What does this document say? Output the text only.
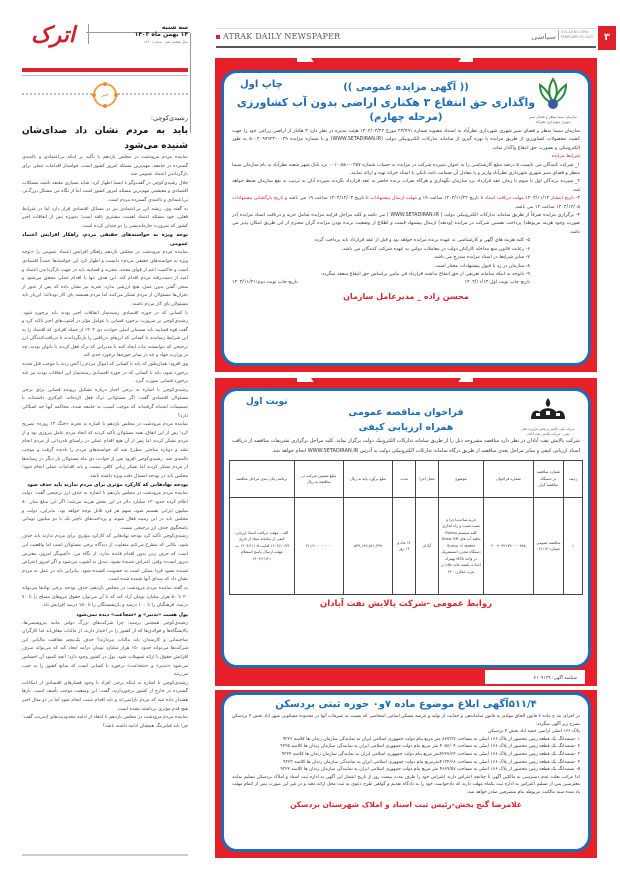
اترک	سه شنبه
۱۴ بهمن ماه ۱۴۰۳
سال هشتم دهم - شماره ۱۸۹۰
خبر
رشیدی‌کوچی:
باید به مردم نشان داد صدای‌شان شنیده می‌شود

نماینده مردم مرودشت در مجلس یازدهم با تأکید بر اینکه بی‌اعتمادی و ناامیدی گسترده در جامعه، مهم‌ترین مسئله امروز کشور است، خواستار اقدامات عملی برای بازگرداندن اعتماد عمومی شد.

جلال رشیدی‌کوچی در گفت‌وگو با ایسنا اظهار کرد: شاید بسیاری معتقد باشند مشکلات اقتصادی و معیشتی مهم‌ترین مسئله امروز کشور است اما از نگاه من مشکل بزرگ‌تر، بی‌اعتمادی و ناامیدی گسترده مردم است.

به گفته وی، ریشه این بی‌اعتمادی نیز در مسائل اقتصادی قرار دارد اما در شرایط فعلی، خود مسئله اعتماد اهمیت بیشتری یافته است؛ به‌ویژه پس از اتفاقات اخیر کشور که ضرورت چاره‌اندیشی را دو چندان کرده است.

توجه ویژه به خواسته‌های حقیقی مردم، راهکار افزایش اعتماد عمومی

نماینده مردم مرودشت در مجلس یازدهم راهکار افزایش اعتماد عمومی را «توجه ویژه به خواسته‌های حقیقی مردم» دانست و اظهار کرد این خواسته‌ها عمدتاً اقتصادی است و حاکمیت اعم از قوای مقننه، مجریه و قضاییه باید در جهت بازگرداندن اعتماد و امید از دست‌رفته مردم اقدام کند. این هدف تنها با اقدام عملی محقق می‌شود و سخن گفتن بدون عمل، هیچ ارزشی ندارد. تجربه نیز نشان داده که پس از عبور از بحران‌ها مسئولان از مردم تشکر می‌کنند اما مردم همیشه پای کار بوده‌اند؛ این‌بار باید مسئولان پای کار مردم باشند.

با کسانی که در حوزه اقتصادی زمینه‌ساز اتفاقات اخیر بودند باید برخورد شود. رشیدی‌کوچی بر ضرورت برخورد قضایی با عوامل مؤثر در آشوب‌های اخیر تاکید کرد و گفت قوه قضاییه باید مسببان اصلی حوادث دی ۱۴۰۴ از جمله افرادی که اقتصاد را به این شرایط رساندند یا کسانی که ارزهای دریافتی را بازنگرداندند یا دریافت‌کنندگان ارز ترجیحی که نتوانستند ثبات ایجاد کنند یا مدیرانی که ترک فعل کردند یا ناتوان بودند، چه در وزارت جهاد و چه در سایر حوزه‌ها برخورد جدی کند.

وی افزود: همان‌طور که باید با کسانی که اموال مردم را آتش زدند یا موجب قتل شدند برخورد شود، باید با کسانی که در حوزه اقتصادی زمینه‌ساز این اتفاقات بودند نیز باید برخورد قضایی صورت گیرد.

رشیدی‌کوچی با اشاره به برخی اخبار درباره تشکیل پرونده قضایی برای برخی مسئولان اقتصادی گفت: اگر مسئولانی ترک فعل کرده‌اند، کم‌کاری داشته‌اند یا تصمیمات اشتباه گرفته‌اند که موجب آسیب به جامعه شده، محاکمه آنها چه اشکالی دارد؟

نماینده مردم مرودشت در مجلس یازدهم با اشاره به تجربه «جنگ ۱۲ روزه» تصریح کرد: پس از این اتفاق، همه مسئولان تأکید کردند که اتحاد مردم عامل پیروزی بود و از مردم تشکر کردند اما پس از آن هیچ اقدام عملی در راستای قدردانی از مردم انجام نشد و دوباره مباحثی مطرح شد که خواسته‌های مردم را نادیده گرفت و موجب ناامیدی شد. رشیدی‌کوچی افزود پس از حوادث دی ماه مسئولان بار دیگر در رسانه‌ها از مردم تشکر کردند اما تشکر زبانی کافی نیست و باید اقدامات عملی انجام شود؛ مجلس باید در بودجه امسال دقت ویژه داشته باشد.

بودجه نهادهایی که کارکرد مؤثری برای مردم ندارند باید حذف شود

نماینده مردم مرودشت در مجلس یازدهم با اشاره به حذف ارز ترجیحی گفت: دولت اعلام کرده حدود ۱۲ میلیارد دلار در این بخش هزینه می‌شد؛ اگر این مبلغ میان ۸۰ میلیون ایرانی تقسیم شود، سهم هر فرد قابل توجه خواهد بود. بنابراین، دولت و مجلس باید در این زمینه فعال شوند و پرداخت‌های ناچیز یک یا دو میلیون تومانی پاسخگوی حذف ارز ترجیحی نیست.

رشیدی‌کوچی تأکید کرد بودجه نهادهایی که کارکرد مؤثری برای مردم ندارند باید حذف شود. نکاتی که مطرح می‌کنم متفاوت از دیدگاه برخی مسئولان است اما واقعیت این است که حرف زدن بدون اقدام فایده ندارد. از نگاه من، «آشوبگر امروز، معترض دیروز است» وقتی اعتراض شنیده نشود، تبدیل به آشوب می‌شود و اگر امروز اعتراض شنیده نشود فردا ممکن است به خشونت کشیده شود. بنابراین باید در عمل به مردم نشان داد که صدای آنها شنیده شده است.

به گفته نماینده مردم مرودشت در مجلس یازدهم، حذف بودجه برخی نهادها می‌تواند ۴۰ تا ۵۰ هزار میلیارد تومان آزاد کند که با آن می‌توان حقوق نیروهای مسلح را تا ۷۰ درصد، فرهنگیان را تا ۱۰۰ درصد و بازنشستگان را تا ۱۵۰ درصد افزایش داد.

پول هست «تدبیر» و «شجاعت» دیده نمی‌شود

رشیدی‌کوچی همچنین پرسید: چرا شرکت‌های بزرگ دولتی مانند پتروشیمی‌ها، پالایشگاه‌ها و فولادی‌ها که از کشور را در اختیار دارند، از مالیات معاف‌اند اما کارگران ساختمانی و کارمندان باید مالیات بپردازند؟ حذف یک‌پنجم معافیت مالیاتی این شرکت‌ها می‌تواند حدود ۱۵۰ هزار میلیارد تومان درآمد ایجاد کند که می‌تواند صرف افزایش حقوق یا ارائه تسهیلات شود. پول در کشور وجود دارد؛ آنچه کمبود آن احساس می‌شود «تدبیر» و «شجاعت» برخورد با کسانی است که منابع کشور را به جیب می‌زنند.

رشیدی‌کوچی با اشاره به اینکه برخی افراد با وجود فشارهای اقتصادی از امکانات گسترده در خارج از کشور برخوردارند، گفت: این وضعیت موجب تأسف است. بارها هشدار داده شد که مردم ناراضی‌اند و باید اقدام مثبت انجام شود اما در دو سال اخیر هیچ قدم مؤثری برداشته نشده است.

نماینده مردم مرودشت در مجلس یازدهم با انتقاد از ادامه محدودیت‌های اینترنت گفت: چرا باید فیلترینگ همچنان ادامه داشته باشد؟

ATRAK DAILY NEWSPAPER	سیاسی VOL.18,NO.1890
FEBRUARY 03,2025	۳
سازمان سیما منظر و فضای سبز شهری شهرداری نظرآباد
چاپ اول	(( آگهی مزایده عمومی ))
واگذاری حق انتفاع ۳ هکتاری اراضی بدون آب کشاورزی
(مرحله چهارم)
سازمان سیما منظر و فضای سبز شهری شهرداری نظرآباد به استناد مصوبه شماره ۲۳/۷۹۱ مورخ ۱۴۰۴/۰۴/۲۲ هیئت مدیره در نظر دارد ۳ هکتار از اراضی زراعی خود را جهت کشت محصولات کشاورزی از طریق مزایده با بهره گیری از سامانه تدارکات الکترونیکی دولت (WWW.SETADIRAN.IR) و با شماره مزایده ۵۰۰۴۰۹۹۹۲۳۰۰۰۲۹ به طور الکترونیکی و بصورت حق انتفاع واگذار نماید.
شرایط مزایده
۱_ شرکت کنندگان می بایست ۵ درصد مبلغ کارشناسی را به عنوان سپرده شرکت در مزایده به حساب شماره ۰۲۵۷-۵۸۰-۰۰۱۰ نزد بانک شهر شعبه نظرآباد به نام سازمان سیما منظر و فضای سبز شهری شهرداری نظرآباد واریز و یا معادل آن ضمانت نامه بانکی یا اسناد خزانه تهیه و ارائه نمایند.
۲_ سپرده برندگان اول تا سوم تا زمان عقد قرارداد نزد سازمان نگهداری و هرگاه نفرات برنده حاضر به عقد قرارداد نگردند سپرده آنان به ترتیب به نفع سازمان ضبط خواهد شد.
۳- تاریخ انتشار ۱۴۰۴/۱۱/۱۴ مهلت دریافت اسناد تا تاریخ ۱۴۰۴/۱۱/۲۲ ساعت ۱۹ و مهلت ارسال پیشنهادات تا تاریخ ۱۴۰۴/۱۲/۰۴ ساعت ۱۹ می باشد و تاریخ بازگشایی پیشنهادات ۱۴۰۴/۱۲/۰۵ ساعت ۱۴ می باشد.
۴- برگزاری مزایده صرفاً از طریق سامانه تدارکات الکترونیکی دولت ( WWW.SETADIRAN.IR ) می باشد و کلیه مراحل فرایند مزایده شامل خرید و دریافت اسناد مزایده (در صورت وجود هزینه مربوطه) پرداخت تضمین شرکت در مزایده (ودیعه) ارسال پیشنهاد قیمت و اطلاع از وضعیت برنده بودن مزایده گران محترم از این طریق امکان پذیر می باشد.
۵- کلیه هزینه های آگهی و کارشناسی به عهده برنده مزایده خواهد بود و قبل از عقد قرارداد باید پرداخت گردد
۶- رعایت قانون منع مداخله کارکنان دولت در معاملات دولتی به عهده شرکت کنندگان می باشد.
۷- سایر شرایط در اسناد مزایده مندرج می باشد.
۸- سازمان در رد یا قبول پیشنهادات مختار است.
۹- باتوجه به اینکه سامانه تعریفی از حق انتفاع نداشته قرارداد فی مابین براساس حق انتفاع منعقد میگردد.
تاریخ چاپ نوبت اول:۱۴۰۴/۱۱/۱۴
تاریخ چاپ نوبت دوم:۱۴۰۴/۱۱/۲۱
محسن زاده _ مدیرعامل سازمان
شرکت ملی پالایش و پخش فرآورده های نفتی - شرکت پالایش نفت آبادان
نوبت اول
فراخوان مناقصه عمومی
همراه ارزیابی کیفی
شرکت پالایش نفت آبادان در نظر دارد مناقصه مشروحه ذیل را از طریق سامانه تدارکات الکترونیک دولت برگزار نماید. کلیه مراحل برگزاری تشریفات مناقصه از دریافت اسناد ارزیابی کیفی و سایر مراحل بعدی مناقصه از طریق درگاه سامانه تدارکات الکترونیکی دولت به آدرس WWW.SETADIRAN.IR انجام خواهد شد.
ردیف	شماره مناقصه در دستگاه مناقصه گزار	شماره فراخوان	موضوع	محل اجرا	مدت	مبلغ برآورد پایه به ریال	مبلغ تضمین شرکت در مناقصه به ریال	برنامه زمان بندی مراحل مناقصه
۱	مناقصه عمومی شماره ۰۴/۱۱۴	۲۰۰۴۰۹۲۱۷۹۰۰۰۰۷۸۸	خرید،ساخت،اجرا و نصب،تست و راه اندازی کلیه سیستم Piping تخلیه آب های Drow Off Sump ۱۶ water دستگاه مخزن اتمسفریک در واحد NTA بهمراه احداث یکسه خانه خلاء در غرب مخازن ۴۲۰	آبادان	۱۲ ماه و ۱۴ روز	۵۳۹,۱۹۹,۸۶۱,۳۹۹	۲۶,۶۶۰,۰۰۰,۰۰۰	الف - مهلت دریافت اسناد ارزیابی کیفی از سامانه ستاد از تاریخ ۱۴۰۴/۱۰/۲۴ لغایت ۱۴۰۴/۱۱/۰۵ ب- مهلت ارسال پاسخ استعلام ۱۴۰۴/۱۱/۲۱
روابط عمومی -شرکت پالایش نفت آبادان
شناسه آگهی: ۲۱۰۹۱۳۹
۵۱۱/۴آگهی ابلاغ موضوع ماده ۷و۰ حوزه ثبتی بردسکن
در اجرای بند ج ماده ۷ قانون الحاق موادی به قانون ساماندهی و حمایت از تولید و عرضه مسکن اسامی اشخاصی که نسبت به تصرفات آنها در محدوده مسکونی شهر اباد بخش ۴ بردسکن بشرح زیر آگهی میگردد:
پلاک ۱۶۶ اصلی اراضی حمید اباد بخش ۴ بردسکن
۱ -ششدانگ یک قطعه زمین محصور از پلاک ۱۶۶ اصلی به مساحت ۸۷۷۳/۷ متر مربع بنام دولت جمهوری اسلامی ایران به نمایندگی سازمان زندان ها کلاسه ۹۳۲۶
۲ -ششدانگ یک قطعه زمین محصور از پلاک ۱۶۶ اصلی به مساحت ۴۰۵۶/۰۴ متر مربع بنام دولت جمهوری اسلامی ایران به نمایندگی سازمان زندان ها کلاسه ۹۳۲۵
۳ -ششدانگ یک قطعه زمین محصور از پلاک ۱۶۶ اصلی به مساحت ۲۲۲۷/۶۳متر مربع بنام دولت جمهوری اسلامی ایران به نمایندگی سازمان زندان ها کلاسه ۹۳۲۴
۴ -ششدانگ یک قطعه زمین محصور از پلاک ۱۶۶ اصلی به مساحت ۴۱۳۴/۶۸مترمربع بنام دولت جمهوری اسلامی ایران به نمایندگی سازمان زندان ها کلاسه ۹۳۲۳
۵- ششدانگ یک قطعه زمین محصور از پلاک ۱۶۶ اصلی به مساحت ۴۶۶۹/۵۷ متر مربع بنام دولت جمهوری اسلامی ایران به نمایندگی سازمان زندان ها کلاسه ۹۳۲۲
لذا مراتب بعلت عدم دسترسی به مالکین آگهی تا چنانچه اعتراض دارند اعتراض خود را ظرف مدت بیست روز از تاریخ انتشار این آگهی به اداره ثبت اسناد و املاک بردسکن تسلیم نمایند معترضین پس از تسلیم اعتراض به اداره ثبت یکماه مهلت دارند که دادخواست خود را به دادگاه تقدیم و گواهی طرح دعوی به ثبت محل ارائه دهند و در غیر این صورت پس از اتمام مهلت یاد شده سند مالکیت مربوطه بنام متصرفین صادر خواهد شد.
غلامرضا گنج بخش-رئیس ثبت اسناد و املاک شهرستان بردسکن
